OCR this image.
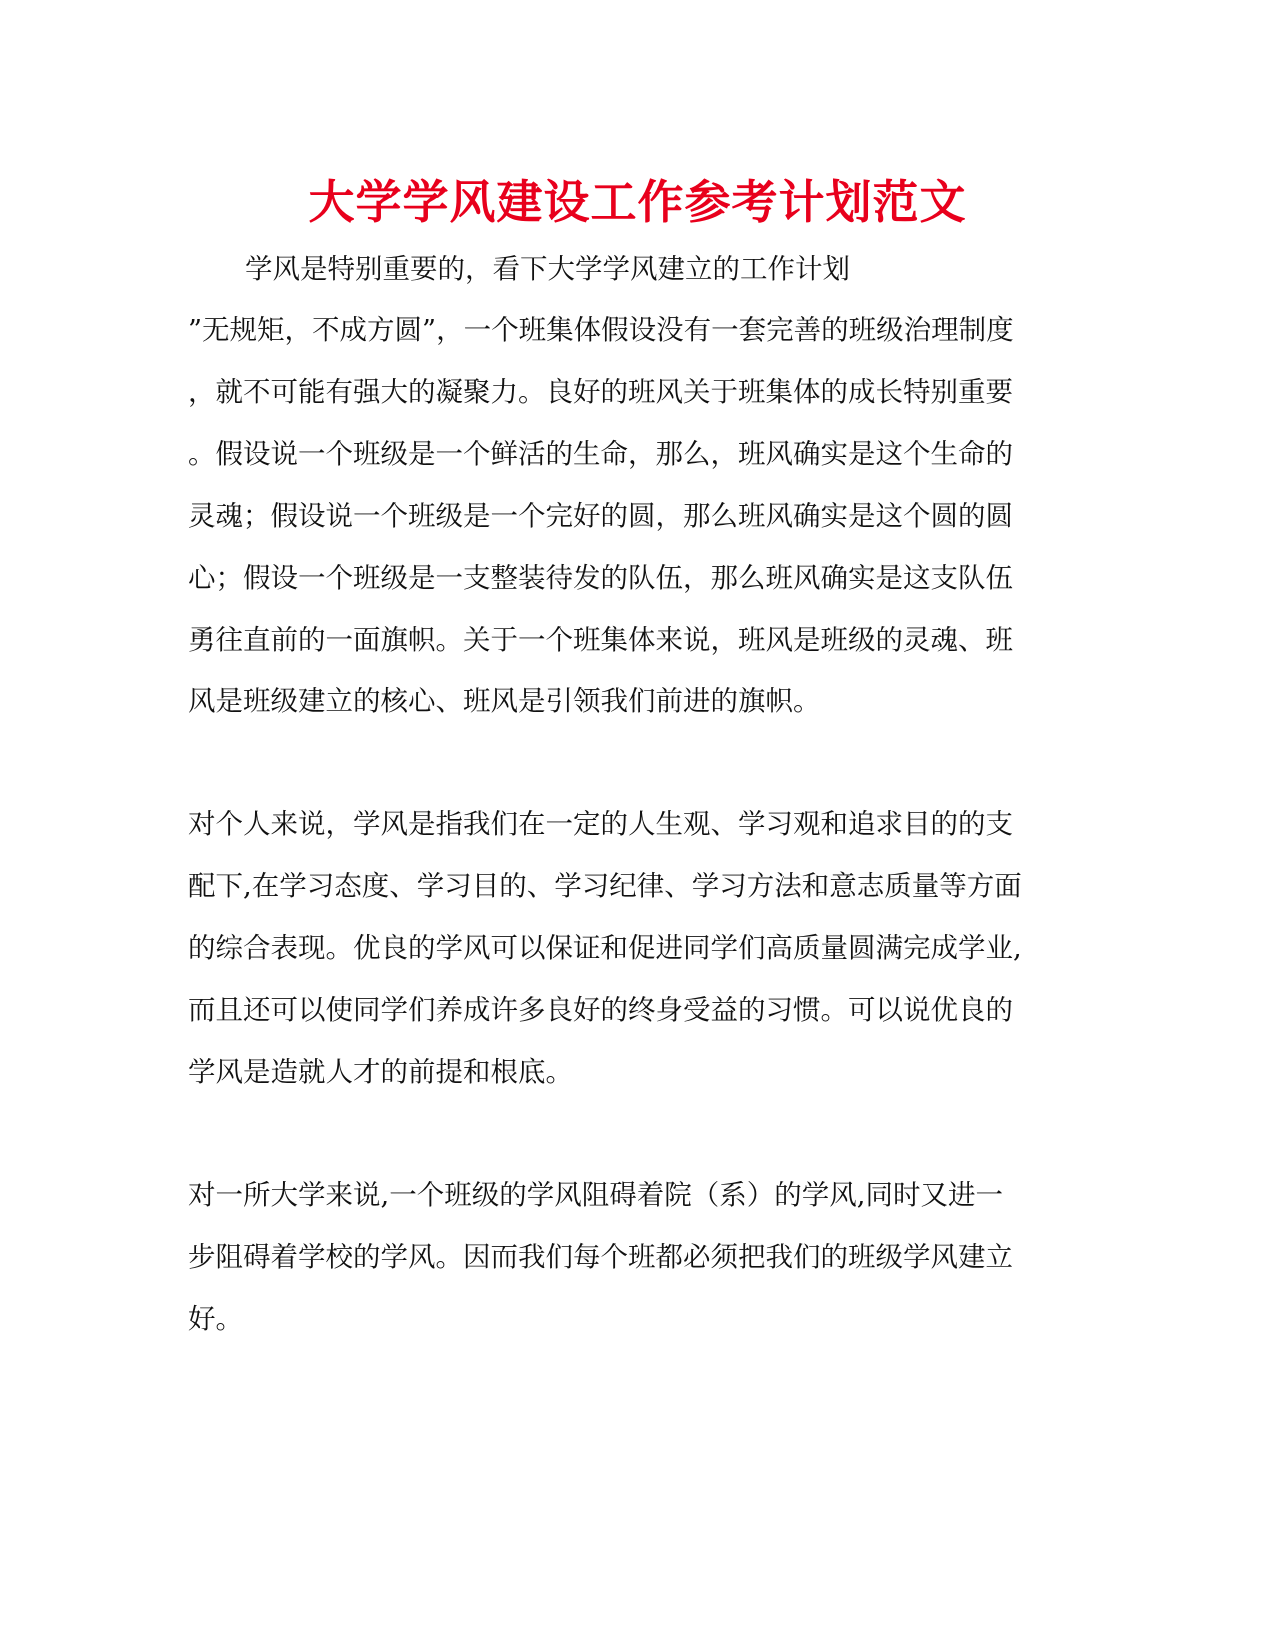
大学学风建设工作参考计划范文

学风是特别重要的，看下大学学风建立的工作计划

”无规矩，不成方圆”，一个班集体假设没有一套完善的班级治理制度

，就不可能有强大的凝聚力。良好的班风关于班集体的成长特别重要

。假设说一个班级是一个鲜活的生命，那么，班风确实是这个生命的

灵魂；假设说一个班级是一个完好的圆，那么班风确实是这个圆的圆

心；假设一个班级是一支整装待发的队伍，那么班风确实是这支队伍

勇往直前的一面旗帜。关于一个班集体来说，班风是班级的灵魂、班

风是班级建立的核心、班风是引领我们前进的旗帜。

对个人来说，学风是指我们在一定的人生观、学习观和追求目的的支

配下,在学习态度、学习目的、学习纪律、学习方法和意志质量等方面

的综合表现。优良的学风可以保证和促进同学们高质量圆满完成学业,

而且还可以使同学们养成许多良好的终身受益的习惯。可以说优良的

学风是造就人才的前提和根底。

对一所大学来说,一个班级的学风阻碍着院（系）的学风,同时又进一

步阻碍着学校的学风。因而我们每个班都必须把我们的班级学风建立

好。
